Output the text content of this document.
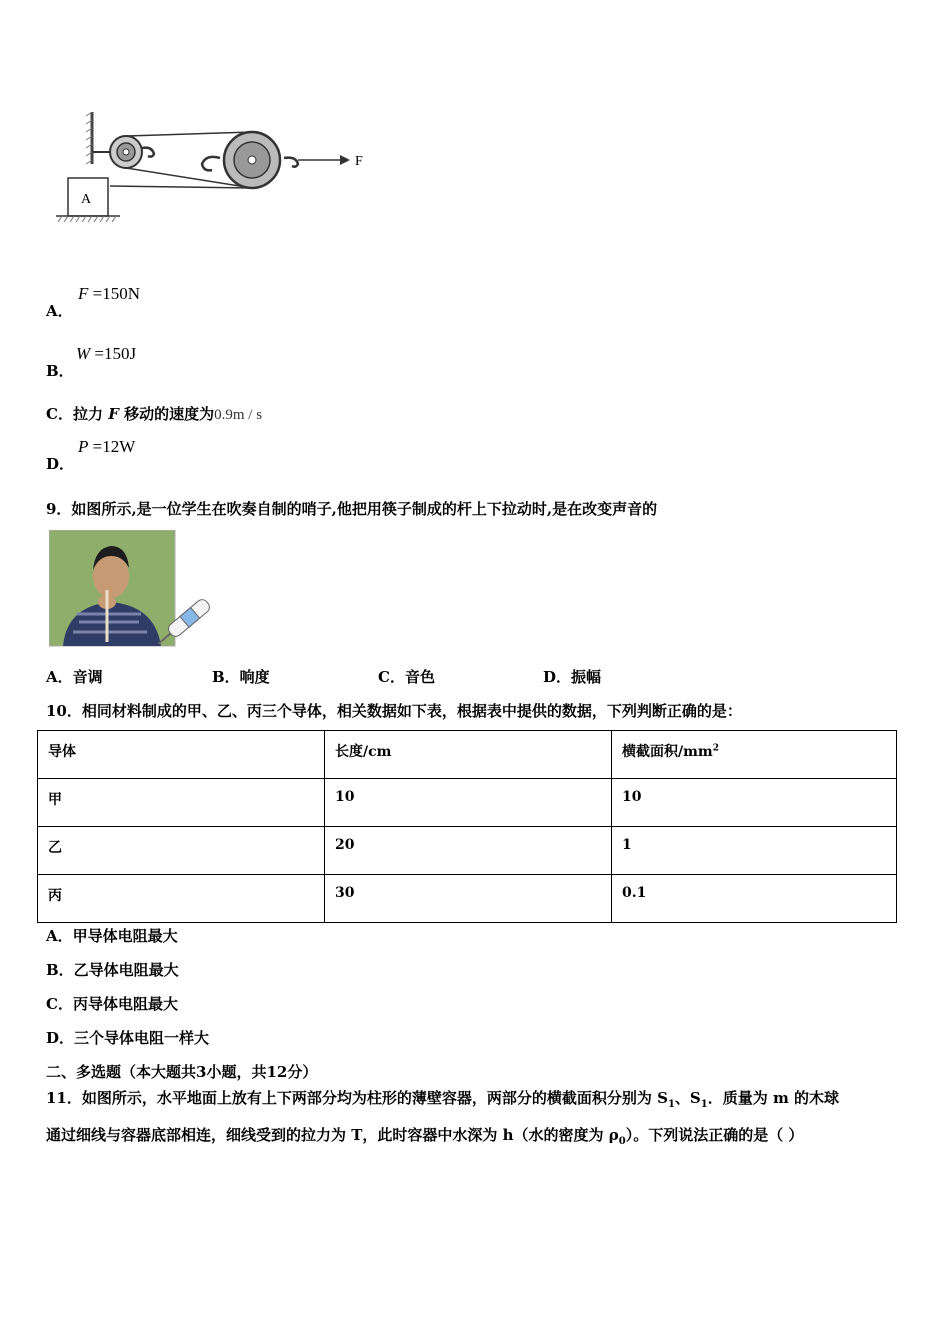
F
A
A．
F =150N
B．
W =150J
C．拉力 F 移动的速度为0.9m / s
D．
P =12W
9．如图所示,是一位学生在吹奏自制的哨子,他把用筷子制成的杆上下拉动时,是在改变声音的
A．音调	B．响度	C．音色	D．振幅
10．相同材料制成的甲、乙、丙三个导体，相关数据如下表，根据表中提供的数据，下列判断正确的是：
导体	长度/cm	横截面积$/mm^2$
甲	10	10
乙	20	1
丙	30	0.1
A．甲导体电阻最大
B．乙导体电阻最大
C．丙导体电阻最大
D．三个导体电阻一样大
二、多选题（本大题共3小题，共12分）
11．如图所示，水平地面上放有上下两部分均为柱形的薄壁容器，两部分的横截面积分别为 $S_1$、$S_1$．质量为 m 的木球
通过细线与容器底部相连，细线受到的拉力为 T，此时容器中水深为 h（水的密度为 $\rho_0$）。下列说法正确的是（ ）
